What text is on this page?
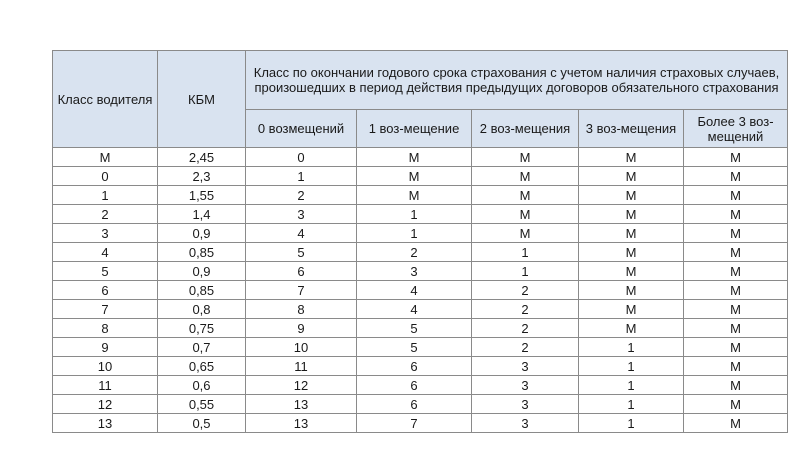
Класс водителя	КБМ	Класс по окончании годового срока страхования с учетом наличия страховых случаев, произошедших в период действия предыдущих договоров обязательного страхования				
		0 возмещений	1 воз-мещение	2 воз-мещения	3 воз-мещения	Более 3 воз-мещений
М	2,45	0	М	М	М	М
0	2,3	1	М	М	М	М
1	1,55	2	М	М	М	М
2	1,4	3	1	М	М	М
3	0,9	4	1	М	М	М
4	0,85	5	2	1	М	М
5	0,9	6	3	1	М	М
6	0,85	7	4	2	М	М
7	0,8	8	4	2	М	М
8	0,75	9	5	2	М	М
9	0,7	10	5	2	1	М
10	0,65	11	6	3	1	М
11	0,6	12	6	3	1	М
12	0,55	13	6	3	1	М
13	0,5	13	7	3	1	М
